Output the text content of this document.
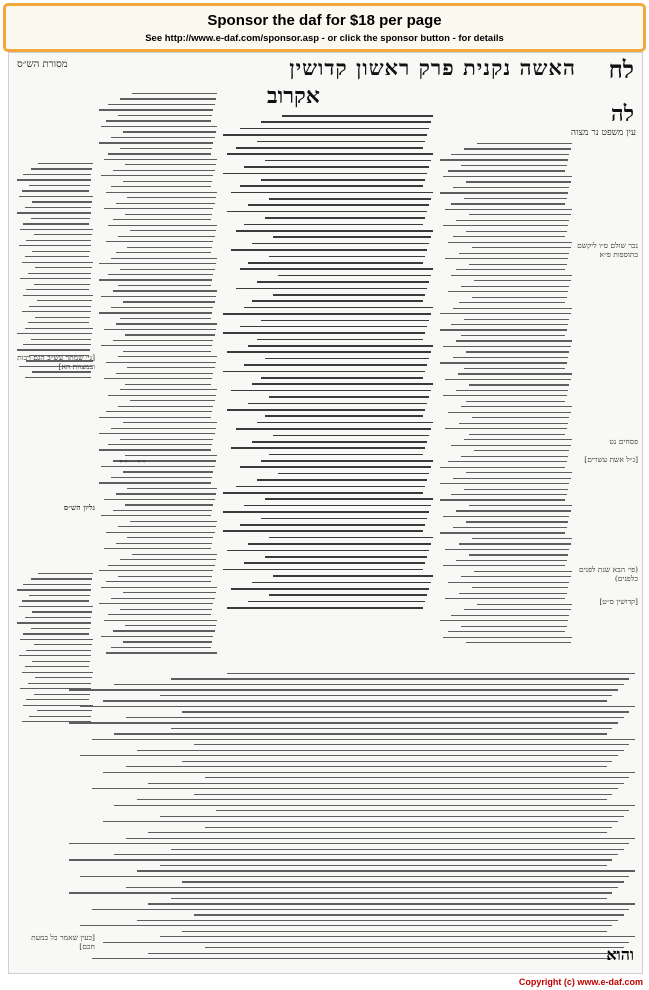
Sponsor the daf for $18 per page
See http://www.e-daf.com/sponsor.asp - or click the sponsor button - for details
לח
האשה נקנית פרק ראשון קדושין
מסורת הש״ס
אקרוב
לה
עין משפט נר מצוה
נכר שולם ס״ו ליקשם בתוספות פ״א
פסחים נט
[ג״ל אשת עשרים]
(פי׳ הבא שנת לפנים כלפנים)
[קדושין ס״ט]
[גי׳ שמתר עש״ב הגם רבות ובמצוות הא]
גליון הש״ס
[כעין שאמר כל במעת חכם]
⊷⋯⊷
והוא
Copyright (c) www.e-daf.com
